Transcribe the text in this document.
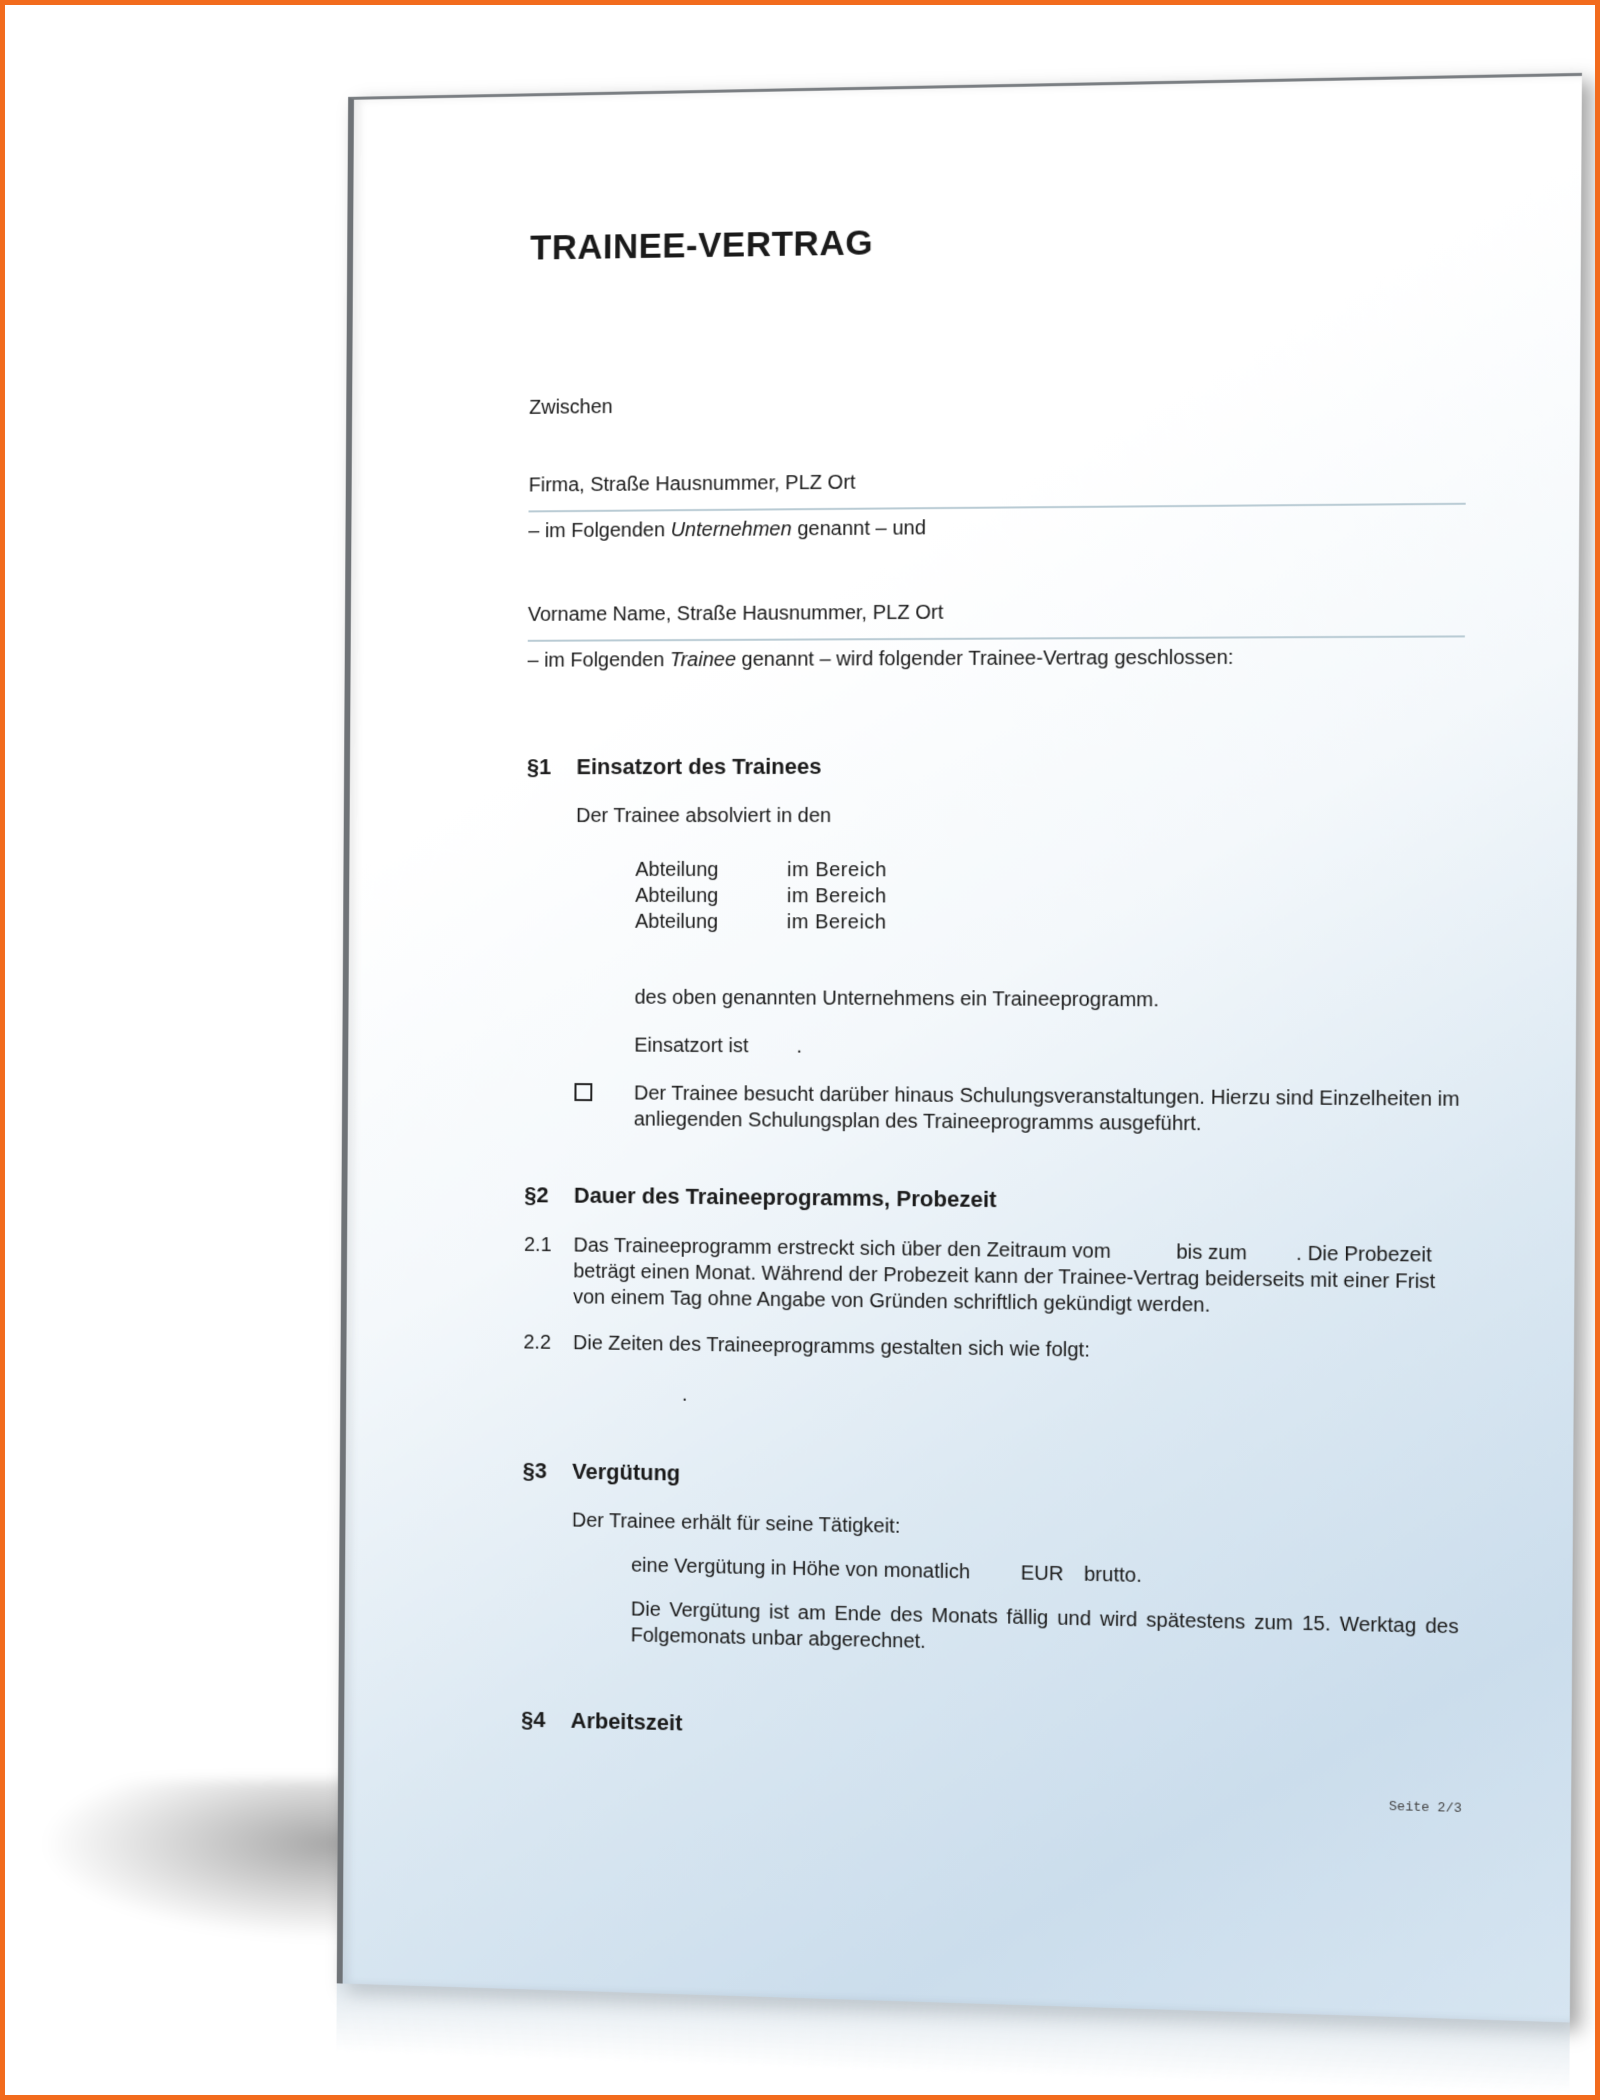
TRAINEE-VERTRAG
Zwischen
Firma, Straße Hausnummer, PLZ Ort
– im Folgenden Unternehmen genannt – und
Vorname Name, Straße Hausnummer, PLZ Ort
– im Folgenden Trainee genannt – wird folgender Trainee-Vertrag geschlossen:
§1	Einsatzort des Trainees
Der Trainee absolviert in den
Abteilung	im Bereich
Abteilung	im Bereich
Abteilung	im Bereich
des oben genannten Unternehmens ein Traineeprogramm.
Einsatzort ist .
Der Trainee besucht darüber hinaus Schulungsveranstaltungen. Hierzu sind Einzelheiten im anliegenden Schulungsplan des Traineeprogramms ausgeführt.
§2	Dauer des Traineeprogramms, Probezeit
2.1	Das Traineeprogramm erstreckt sich über den Zeitraum vom	bis zum . Die Probezeit beträgt einen Monat. Während der Probezeit kann der Trainee-Vertrag beiderseits mit einer Frist von einem Tag ohne Angabe von Gründen schriftlich gekündigt werden.
2.2	Die Zeiten des Traineeprogramms gestalten sich wie folgt:
.
§3	Vergütung
Der Trainee erhält für seine Tätigkeit:
eine Vergütung in Höhe von monatlich	EUR brutto.
Die Vergütung ist am Ende des Monats fällig und wird spätestens zum 15. Werktag des Folgemonats unbar abgerechnet.
§4	Arbeitszeit
Seite 2/3
